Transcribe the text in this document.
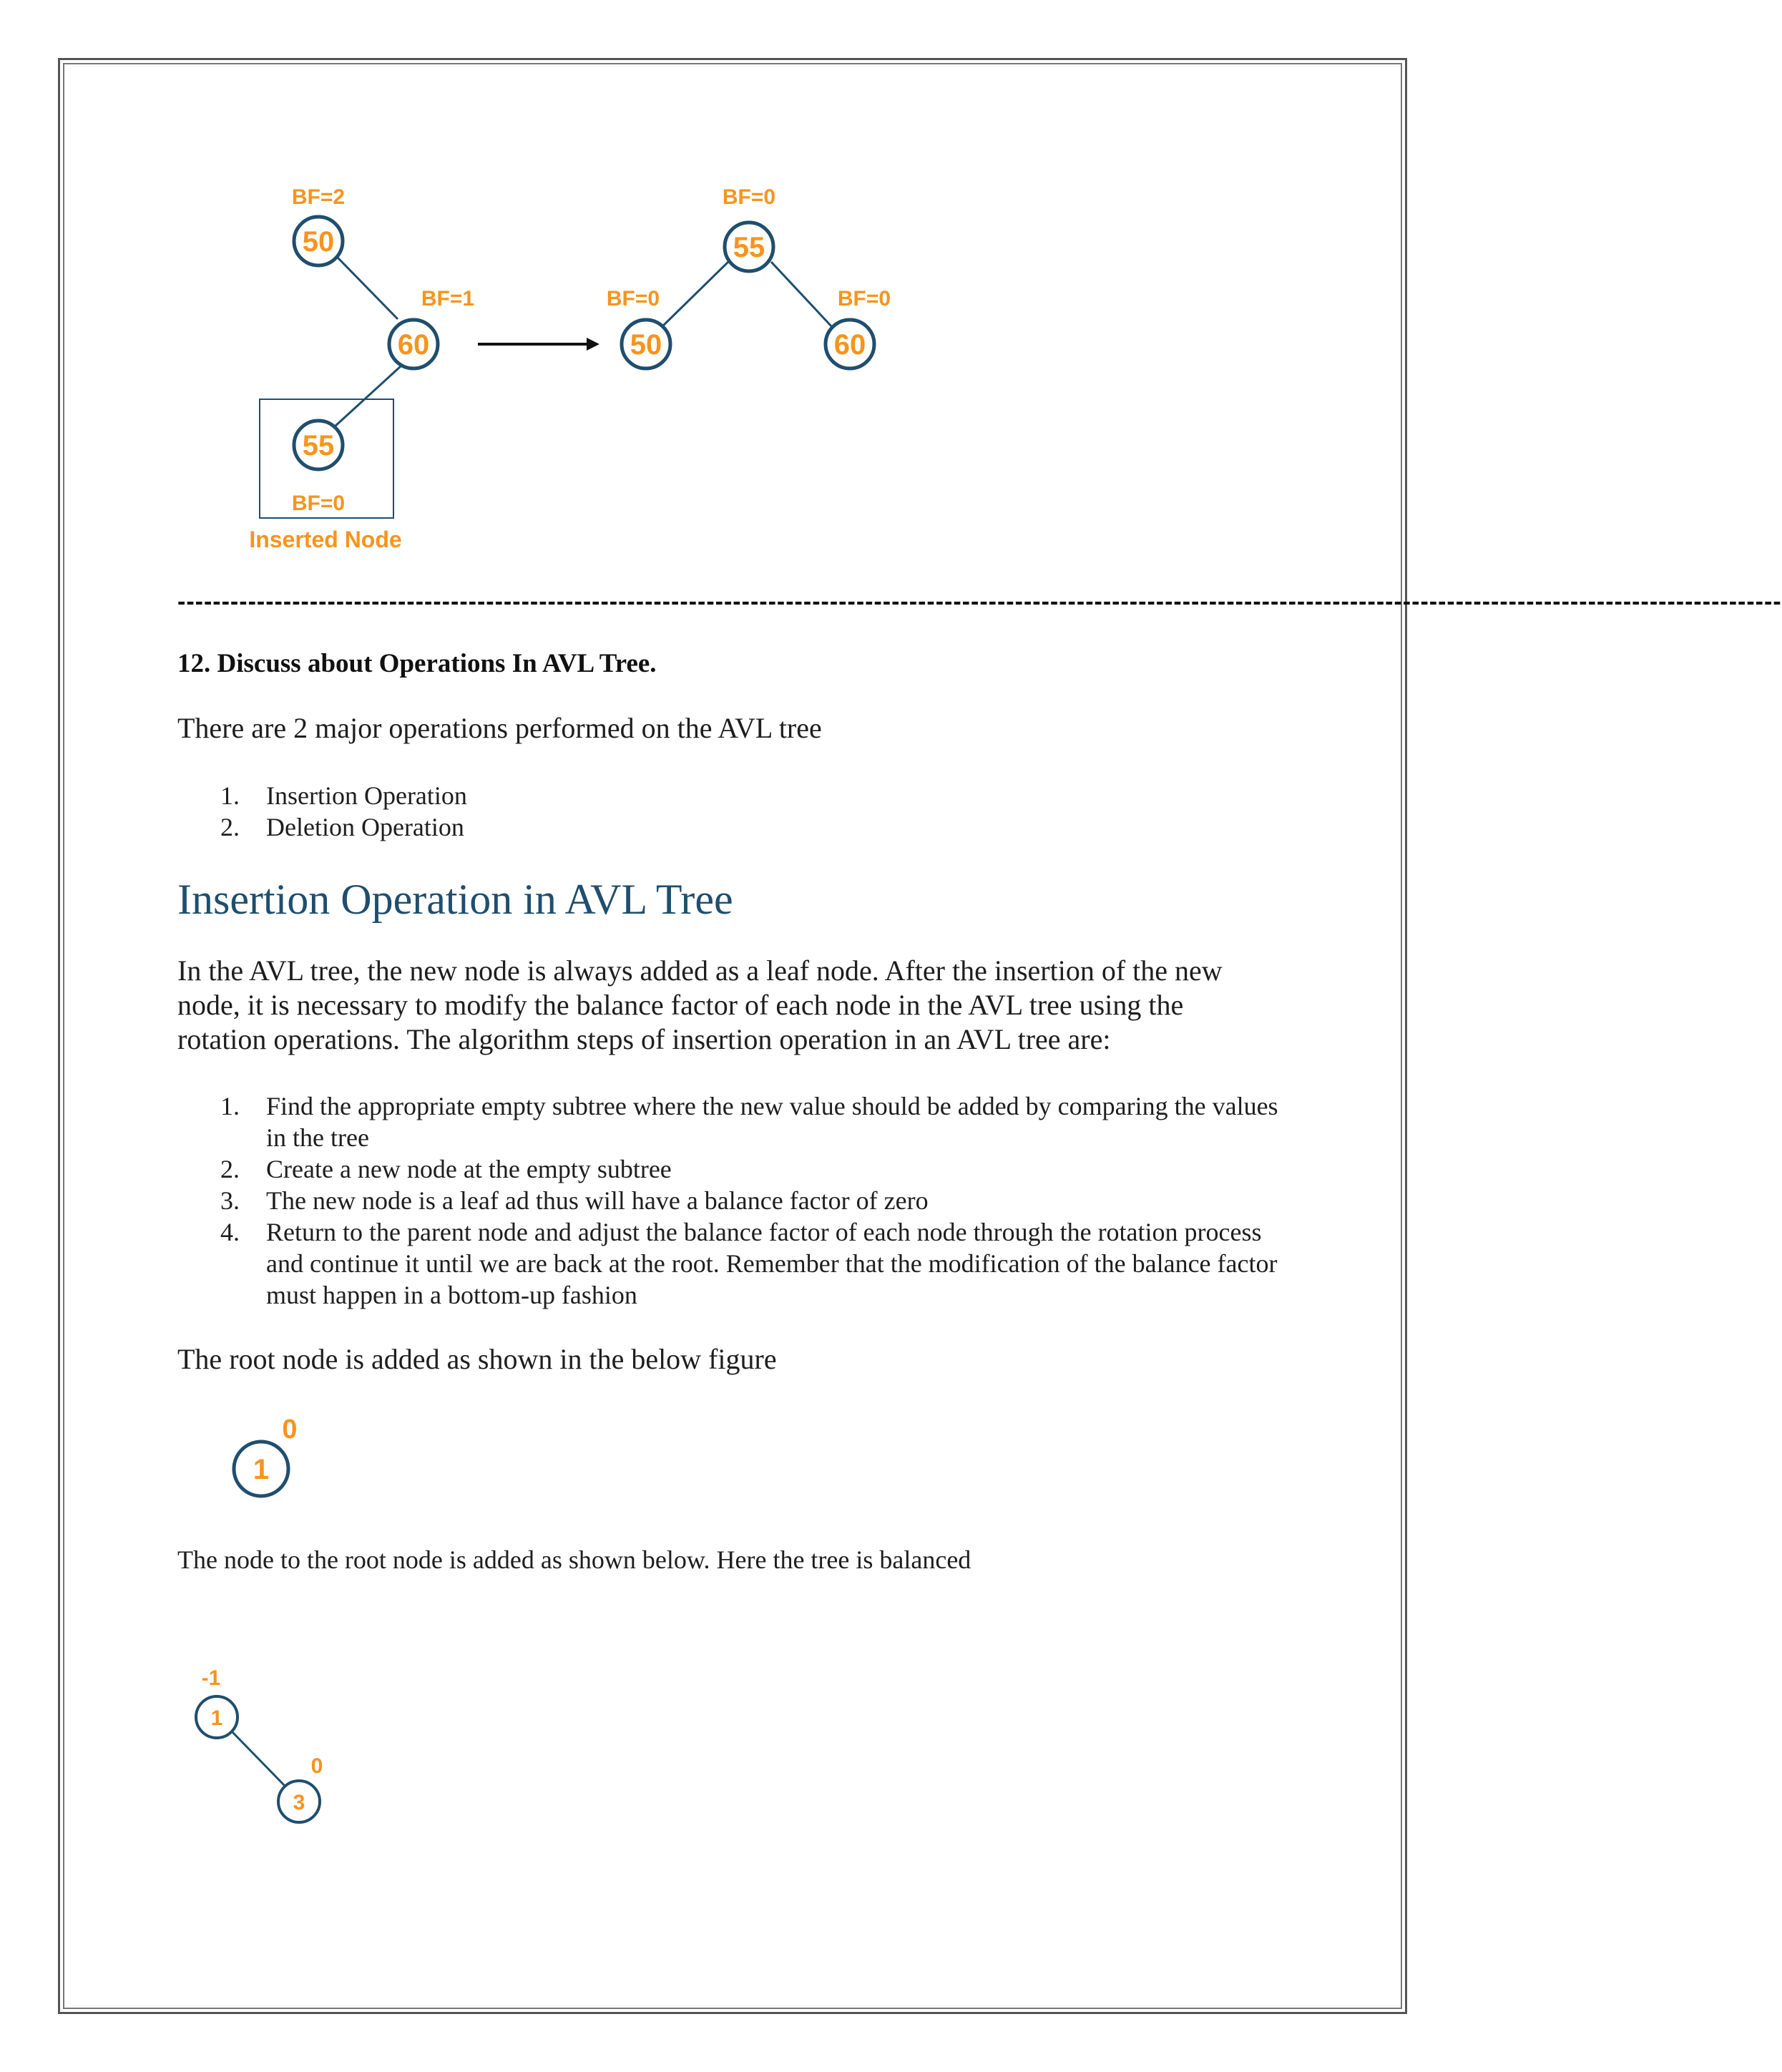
50
BF=2
60
BF=1
55
BF=0
Inserted Node
55
BF=0
50
BF=0
60
BF=0
--------------------------------------------------------------------------------------------------------------------------------------------------------------------------------------
12. Discuss about Operations In AVL Tree.

There are 2 major operations performed on the AVL tree

1. Insertion Operation
2. Deletion Operation
Insertion Operation in AVL Tree

In the AVL tree, the new node is always added as a leaf node. After the insertion of the new node, it is necessary to modify the balance factor of each node in the AVL tree using the rotation operations. The algorithm steps of insertion operation in an AVL tree are:

1. Find the appropriate empty subtree where the new value should be added by comparing the values in the tree
2. Create a new node at the empty subtree
3. The new node is a leaf ad thus will have a balance factor of zero
4. Return to the parent node and adjust the balance factor of each node through the rotation process and continue it until we are back at the root. Remember that the modification of the balance factor must happen in a bottom-up fashion

The root node is added as shown in the below figure

1
0

The node to the root node is added as shown below. Here the tree is balanced

1
-1
3
0
